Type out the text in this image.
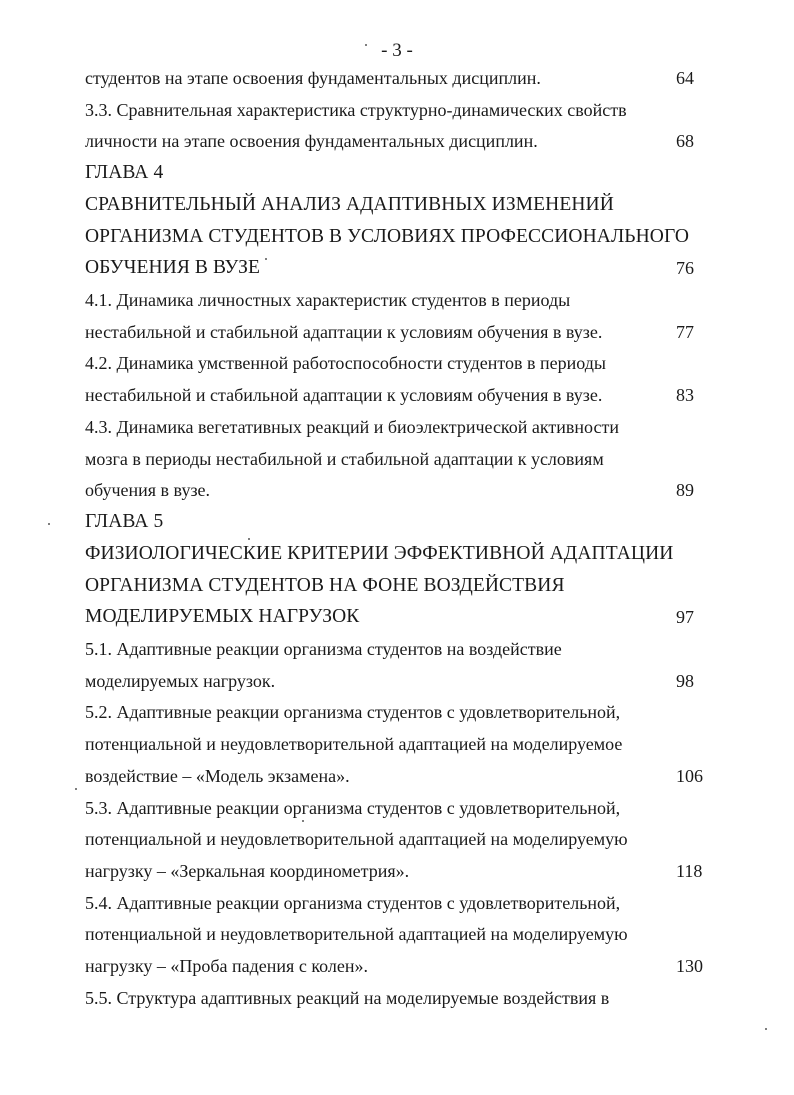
- 3 -
студентов на этапе освоения фундаментальных дисциплин.	64
3.3. Сравнительная характеристика структурно-динамических свойств
личности на этапе освоения фундаментальных дисциплин.	68
ГЛАВА 4
СРАВНИТЕЛЬНЫЙ АНАЛИЗ АДАПТИВНЫХ ИЗМЕНЕНИЙ
ОРГАНИЗМА СТУДЕНТОВ В УСЛОВИЯХ ПРОФЕССИОНАЛЬНОГО
ОБУЧЕНИЯ В ВУЗЕ	76
4.1. Динамика личностных характеристик студентов в периоды
нестабильной и стабильной адаптации к условиям обучения в вузе.	77
4.2. Динамика умственной работоспособности студентов в периоды
нестабильной и стабильной адаптации к условиям обучения в вузе.	83
4.3. Динамика вегетативных реакций и биоэлектрической активности
мозга в периоды нестабильной и стабильной адаптации к условиям
обучения в вузе.	89
ГЛАВА 5
ФИЗИОЛОГИЧЕСКИЕ КРИТЕРИИ ЭФФЕКТИВНОЙ АДАПТАЦИИ
ОРГАНИЗМА СТУДЕНТОВ НА ФОНЕ ВОЗДЕЙСТВИЯ
МОДЕЛИРУЕМЫХ НАГРУЗОК	97
5.1. Адаптивные реакции организма студентов на воздействие
моделируемых нагрузок.	98
5.2. Адаптивные реакции организма студентов с удовлетворительной,
потенциальной и неудовлетворительной адаптацией на моделируемое
воздействие – «Модель экзамена».	106
5.3. Адаптивные реакции организма студентов с удовлетворительной,
потенциальной и неудовлетворительной адаптацией на моделируемую
нагрузку – «Зеркальная координометрия».	118
5.4. Адаптивные реакции организма студентов с удовлетворительной,
потенциальной и неудовлетворительной адаптацией на моделируемую
нагрузку – «Проба падения с колен».	130
5.5. Структура адаптивных реакций на моделируемые воздействия в
